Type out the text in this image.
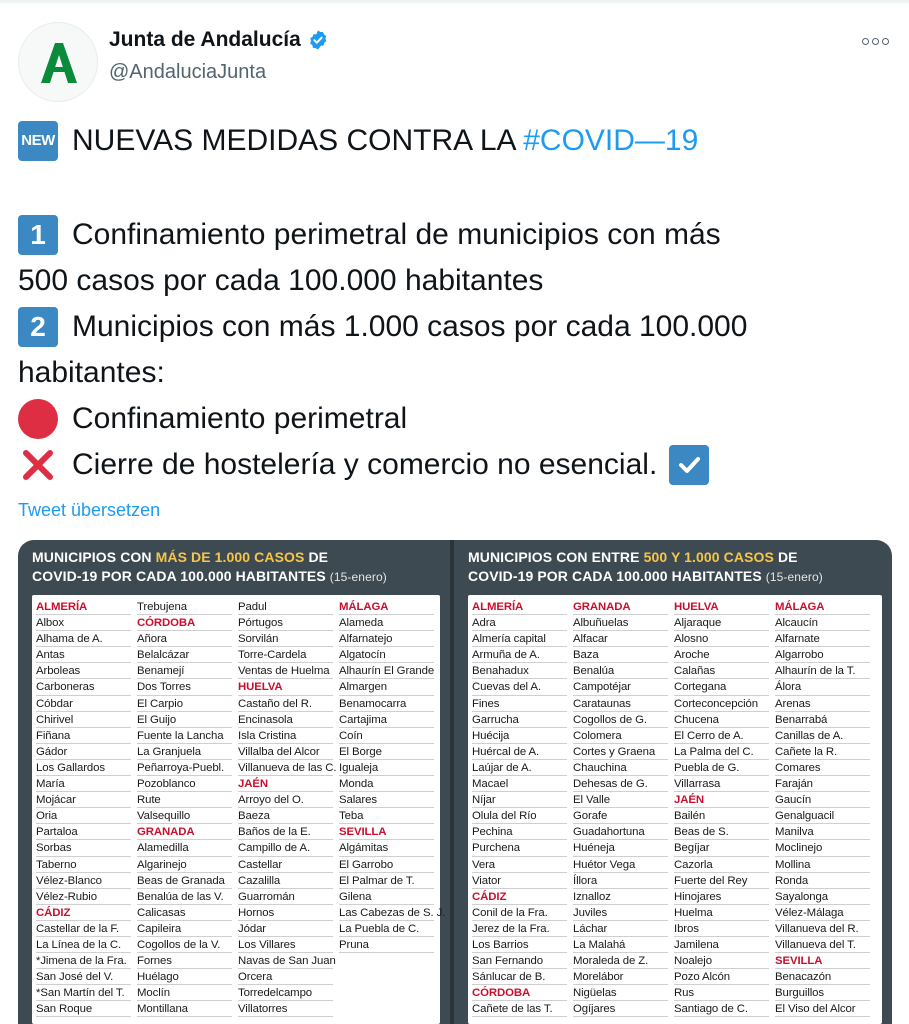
Junta de Andalucía
@AndaluciaJunta
NEW NUEVAS MEDIDAS CONTRA LA #COVID—19
1 Confinamiento perimetral de municipios con más
500 casos por cada 100.000 habitantes
2 Municipios con más 1.000 casos por cada 100.000
habitantes:
Confinamiento perimetral
Cierre de hostelería y comercio no esencial.
Tweet übersetzen
MUNICIPIOS CON MÁS DE 1.000 CASOS DE
COVID-19 POR CADA 100.000 HABITANTES (15-enero)
ALMERÍA
Albox
Alhama de A.
Antas
Arboleas
Carboneras
Cóbdar
Chirivel
Fiñana
Gádor
Los Gallardos
María
Mojácar
Oria
Partaloa
Sorbas
Taberno
Vélez-Blanco
Vélez-Rubio
CÁDIZ
Castellar de la F.
La Línea de la C.
*Jimena de la Fra.
San José del V.
*San Martín del T.
San Roque
Trebujena
CÓRDOBA
Añora
Belalcázar
Benamejí
Dos Torres
El Carpio
El Guijo
Fuente la Lancha
La Granjuela
Peñarroya-Puebl.
Pozoblanco
Rute
Valsequillo
GRANADA
Alamedilla
Algarinejo
Beas de Granada
Benalúa de las V.
Calicasas
Capileira
Cogollos de la V.
Fornes
Huélago
Moclín
Montillana
Padul
Pórtugos
Sorvilán
Torre-Cardela
Ventas de Huelma
HUELVA
Castaño del R.
Encinasola
Isla Cristina
Villalba del Alcor
Villanueva de las C.
JAÉN
Arroyo del O.
Baeza
Baños de la E.
Campillo de A.
Castellar
Cazalilla
Guarromán
Hornos
Jódar
Los Villares
Navas de San Juan
Orcera
Torredelcampo
Villatorres
MÁLAGA
Alameda
Alfarnatejo
Algatocín
Alhaurín El Grande
Almargen
Benamocarra
Cartajima
Coín
El Borge
Igualeja
Monda
Salares
Teba
SEVILLA
Algámitas
El Garrobo
El Palmar de T.
Gilena
Las Cabezas de S. J.
La Puebla de C.
Pruna
MUNICIPIOS CON ENTRE 500 Y 1.000 CASOS DE
COVID-19 POR CADA 100.000 HABITANTES (15-enero)
ALMERÍA
Adra
Almería capital
Armuña de A.
Benahadux
Cuevas del A.
Fines
Garrucha
Huécija
Huércal de A.
Laújar de A.
Macael
Níjar
Olula del Río
Pechina
Purchena
Vera
Viator
CÁDIZ
Conil de la Fra.
Jerez de la Fra.
Los Barrios
San Fernando
Sánlucar de B.
CÓRDOBA
Cañete de las T.
GRANADA
Albuñuelas
Alfacar
Baza
Benalúa
Campotéjar
Carataunas
Cogollos de G.
Colomera
Cortes y Graena
Chauchina
Dehesas de G.
El Valle
Gorafe
Guadahortuna
Huéneja
Huétor Vega
Íllora
Iznalloz
Juviles
Láchar
La Malahá
Moraleda de Z.
Morelábor
Nigüelas
Ogíjares
HUELVA
Aljaraque
Alosno
Aroche
Calañas
Cortegana
Corteconcepción
Chucena
El Cerro de A.
La Palma del C.
Puebla de G.
Villarrasa
JAÉN
Bailén
Beas de S.
Begíjar
Cazorla
Fuerte del Rey
Hinojares
Huelma
Ibros
Jamilena
Noalejo
Pozo Alcón
Rus
Santiago de C.
MÁLAGA
Alcaucín
Alfarnate
Algarrobo
Alhaurín de la T.
Álora
Arenas
Benarrabá
Canillas de A.
Cañete la R.
Comares
Faraján
Gaucín
Genalguacil
Manilva
Moclinejo
Mollina
Ronda
Sayalonga
Vélez-Málaga
Villanueva del R.
Villanueva del T.
SEVILLA
Benacazón
Burguillos
El Viso del Alcor
